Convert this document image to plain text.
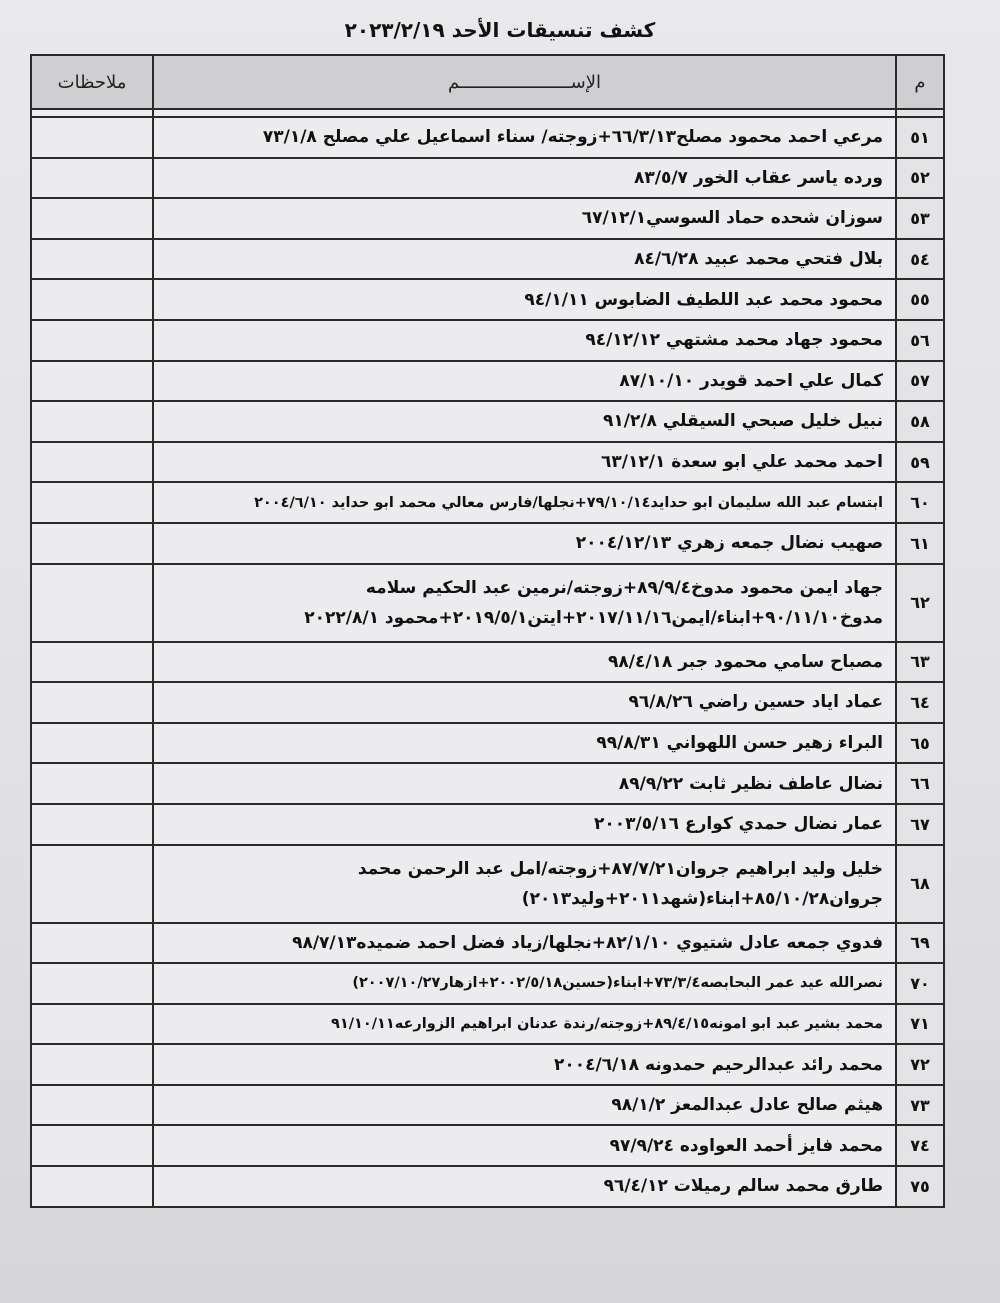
كشف تنسيقات الأحد ٢٠٢٣/٢/١٩
م	الإســـــــــــــــــــــم	ملاحظات

٥١	مرعي احمد محمود مصلح٦٦/٣/١٣+زوجته/ سناء اسماعيل علي مصلح ٧٣/١/٨	
٥٢	ورده ياسر عقاب الخور ٨٣/٥/٧	
٥٣	سوزان شحده حماد السوسي٦٧/١٢/١	
٥٤	بلال فتحي محمد عبيد ٨٤/٦/٢٨	
٥٥	محمود محمد عبد اللطيف الضابوس ٩٤/١/١١	
٥٦	محمود جهاد محمد مشتهي ٩٤/١٢/١٢	
٥٧	كمال علي احمد قويدر ٨٧/١٠/١٠	
٥٨	نبيل خليل صبحي السيقلي ٩١/٢/٨	
٥٩	احمد محمد علي ابو سعدة ٦٣/١٢/١	
٦٠	ابتسام عبد الله سليمان ابو حدايد٧٩/١٠/١٤+نجلها/فارس معالي محمد ابو حدايد ٢٠٠٤/٦/١٠	
٦١	صهيب نضال جمعه زهري ٢٠٠٤/١٢/١٣	
٦٢	جهاد ايمن محمود مدوخ٨٩/٩/٤+زوجته/نرمين عبد الحكيم سلامه
مدوخ٩٠/١١/١٠+ابناء/ايمن٢٠١٧/١١/١٦+ايتن٢٠١٩/٥/١+محمود ٢٠٢٢/٨/١	

٦٣	مصباح سامي محمود جبر ٩٨/٤/١٨	
٦٤	عماد اياد حسين راضي ٩٦/٨/٢٦	
٦٥	البراء زهير حسن اللهواني ٩٩/٨/٣١	
٦٦	نضال عاطف نظير ثابت ٨٩/٩/٢٢	
٦٧	عمار نضال حمدي كوارع ٢٠٠٣/٥/١٦	
٦٨	خليل وليد ابراهيم جروان٨٧/٧/٢١+زوجته/امل عبد الرحمن محمد
جروان٨٥/١٠/٢٨+ابناء(شهد٢٠١١+وليد٢٠١٣)	

٦٩	فدوي جمعه عادل شتيوي ٨٢/١/١٠+نجلها/زياد فضل احمد ضميده٩٨/٧/١٣	
٧٠	نصرالله عيد عمر البحابصه٧٣/٣/٤+ابناء(حسين٢٠٠٢/٥/١٨+ازهار٢٠٠٧/١٠/٢٧)	
٧١	محمد بشير عبد ابو امونه٨٩/٤/١٥+زوجته/رندة عدنان ابراهيم الزوارعه٩١/١٠/١١	
٧٢	محمد رائد عبدالرحيم حمدونه ٢٠٠٤/٦/١٨	
٧٣	هيثم صالح عادل عبدالمعز ٩٨/١/٢	
٧٤	محمد فايز أحمد العواوده ٩٧/٩/٢٤	
٧٥	طارق محمد سالم رميلات ٩٦/٤/١٢	
